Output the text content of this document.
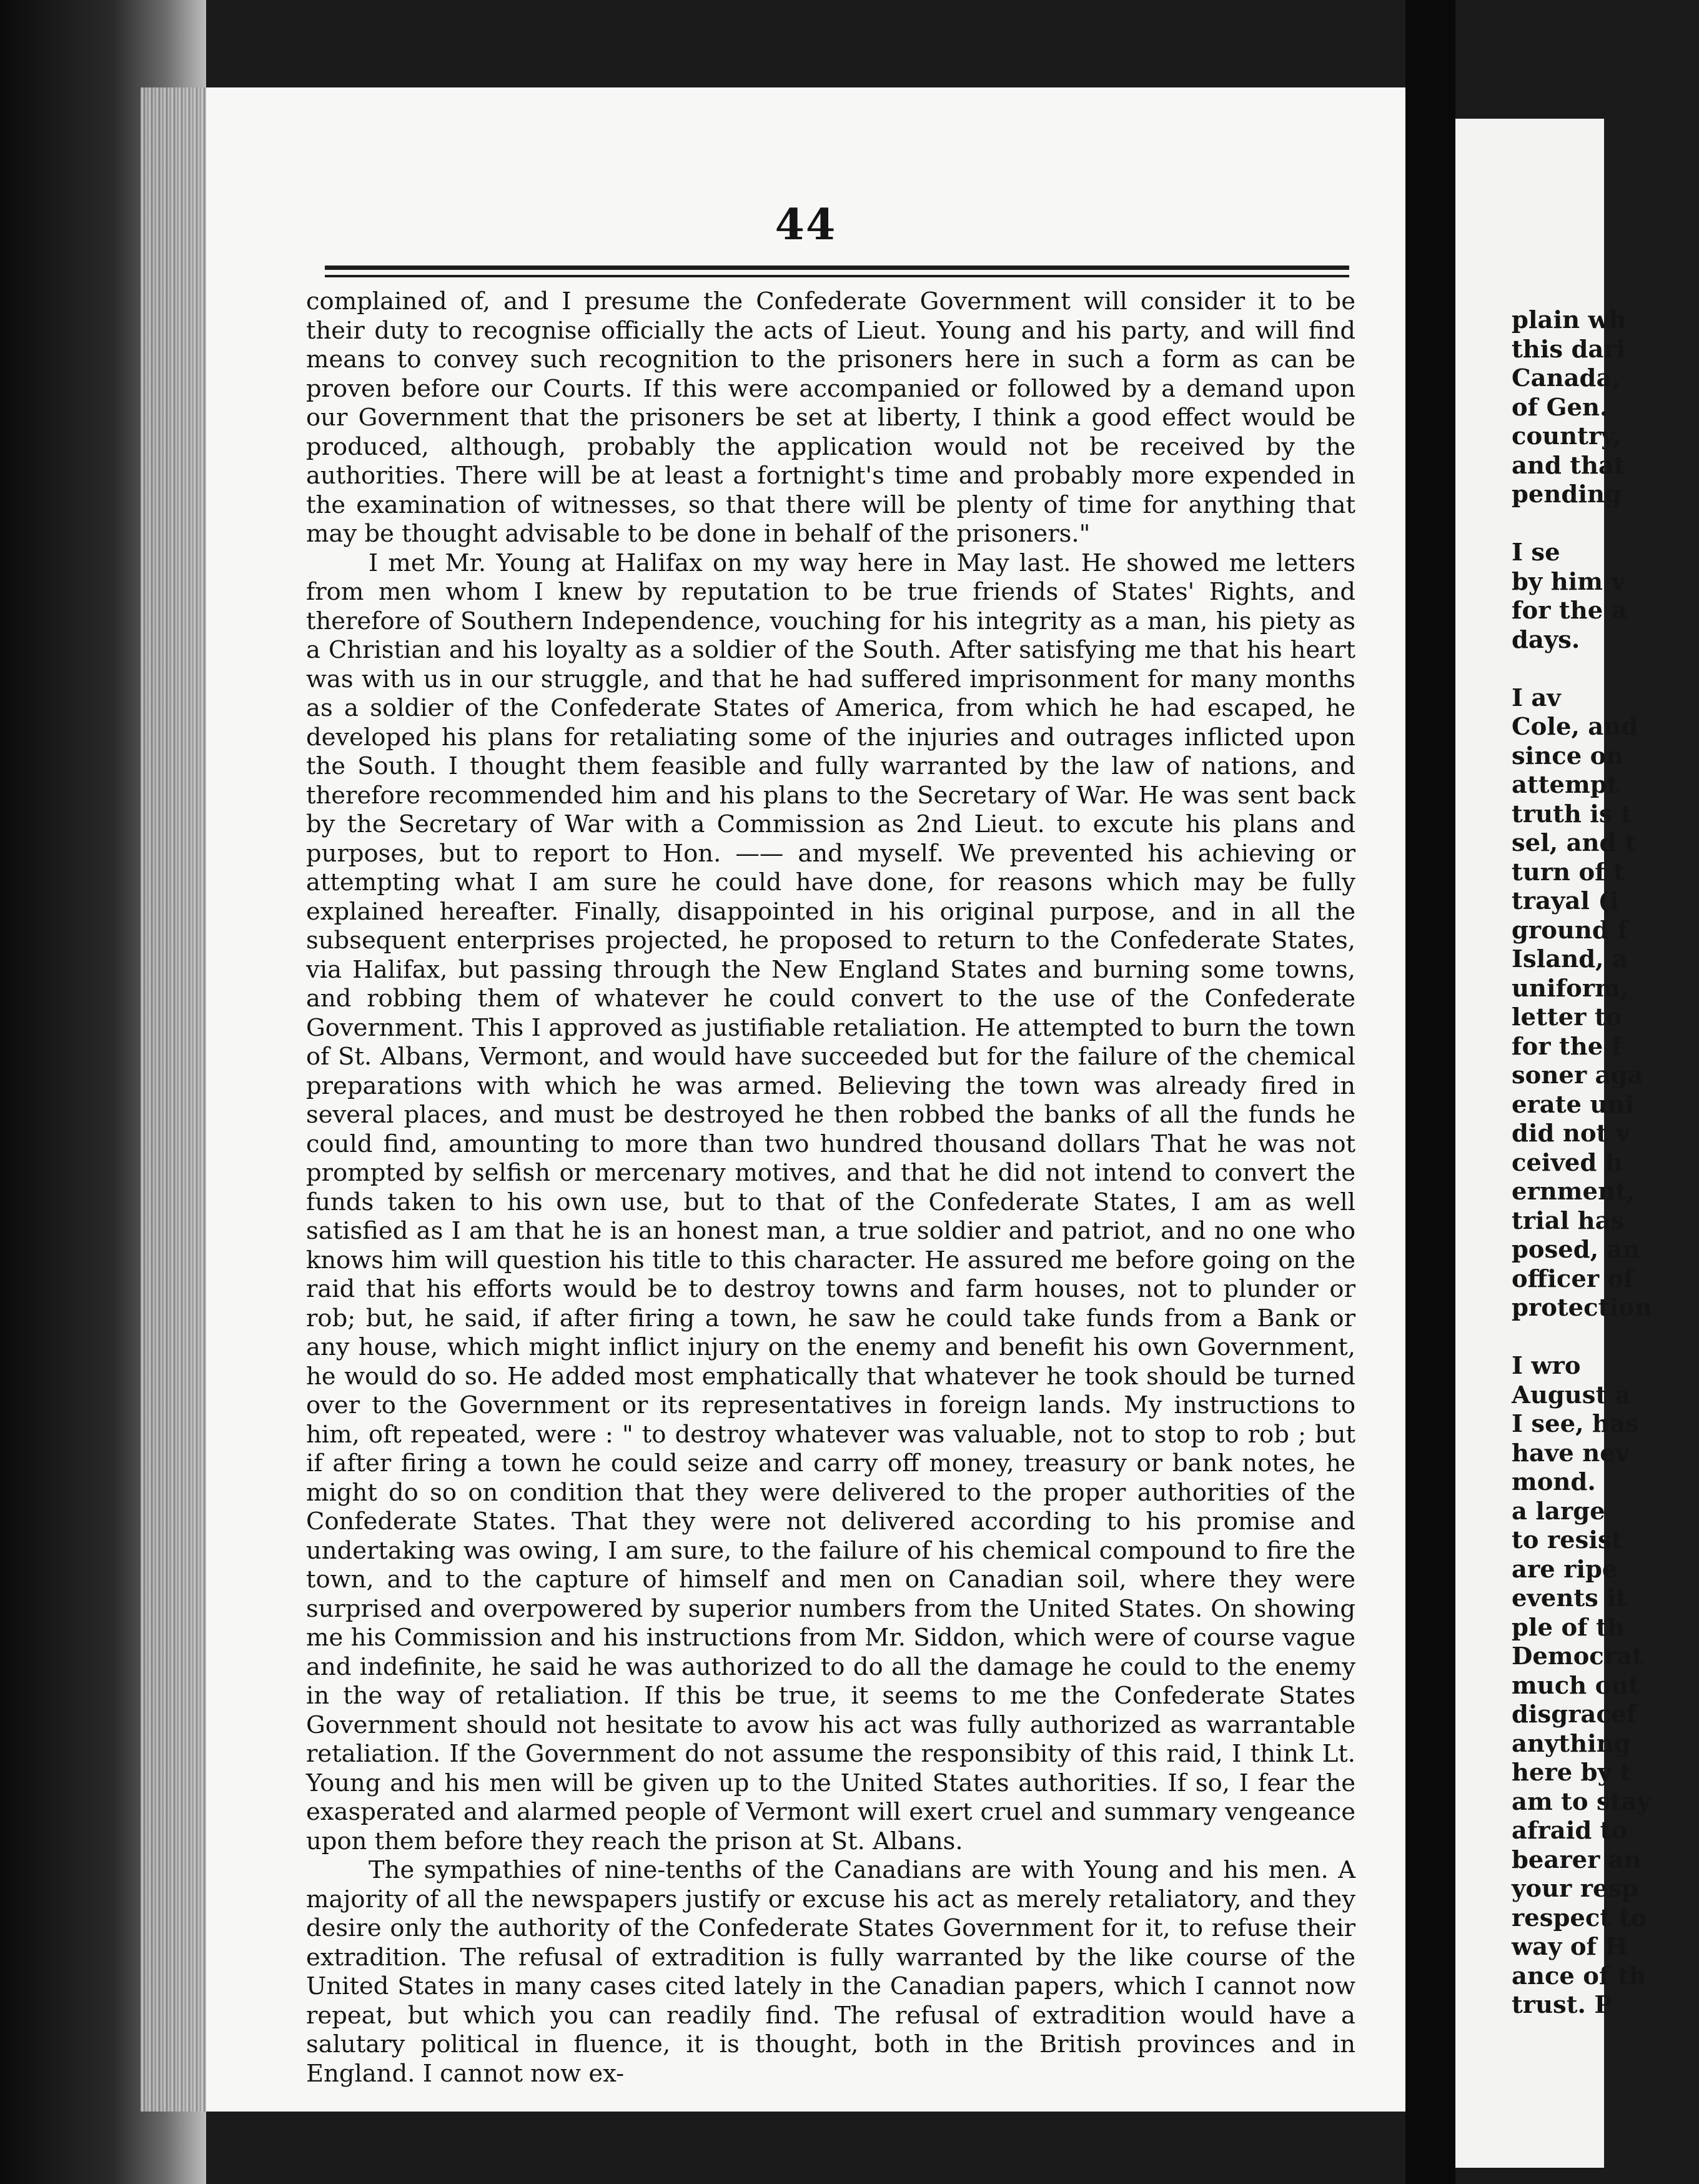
44

complained of, and I presume the Confederate Government will consider it to be their duty to recognise officially the acts of Lieut. Young and his party, and will find means to convey such recognition to the prisoners here in such a form as can be proven before our Courts. If this were accompanied or followed by a demand upon our Government that the prisoners be set at liberty, I think a good effect would be produced, although, probably the application would not be received by the authorities. There will be at least a fortnight's time and probably more expended in the examination of witnesses, so that there will be plenty of time for anything that may be thought advisable to be done in behalf of the prisoners."

I met Mr. Young at Halifax on my way here in May last. He showed me letters from men whom I knew by reputation to be true friends of States' Rights, and therefore of Southern Independence, vouching for his integrity as a man, his piety as a Christian and his loyalty as a soldier of the South. After satisfying me that his heart was with us in our struggle, and that he had suffered imprisonment for many months as a soldier of the Confederate States of America, from which he had escaped, he developed his plans for retaliating some of the injuries and outrages inflicted upon the South. I thought them feasible and fully warranted by the law of nations, and therefore recommended him and his plans to the Secretary of War. He was sent back by the Secretary of War with a Commission as 2nd Lieut. to excute his plans and purposes, but to report to Hon. —— and myself. We prevented his achieving or attempting what I am sure he could have done, for reasons which may be fully explained hereafter. Finally, disappointed in his original purpose, and in all the subsequent enterprises projected, he proposed to return to the Confederate States, via Halifax, but passing through the New England States and burning some towns, and robbing them of whatever he could convert to the use of the Confederate Government. This I approved as justifiable retaliation. He attempted to burn the town of St. Albans, Vermont, and would have succeeded but for the failure of the chemical preparations with which he was armed. Believing the town was already fired in several places, and must be destroyed he then robbed the banks of all the funds he could find, amounting to more than two hundred thousand dollars That he was not prompted by selfish or mercenary motives, and that he did not intend to convert the funds taken to his own use, but to that of the Confederate States, I am as well satisfied as I am that he is an honest man, a true soldier and patriot, and no one who knows him will question his title to this character. He assured me before going on the raid that his efforts would be to destroy towns and farm houses, not to plunder or rob; but, he said, if after firing a town, he saw he could take funds from a Bank or any house, which might inflict injury on the enemy and benefit his own Government, he would do so. He added most emphatically that whatever he took should be turned over to the Government or its representatives in foreign lands. My instructions to him, oft repeated, were : " to destroy whatever was valuable, not to stop to rob ; but if after firing a town he could seize and carry off money, treasury or bank notes, he might do so on condition that they were delivered to the proper authorities of the Confederate States. That they were not delivered according to his promise and undertaking was owing, I am sure, to the failure of his chemical compound to fire the town, and to the capture of himself and men on Canadian soil, where they were surprised and overpowered by superior numbers from the United States. On showing me his Commission and his instructions from Mr. Siddon, which were of course vague and indefinite, he said he was authorized to do all the damage he could to the enemy in the way of retaliation. If this be true, it seems to me the Confederate States Government should not hesitate to avow his act was fully authorized as warrantable retaliation. If the Government do not assume the responsibity of this raid, I think Lt. Young and his men will be given up to the United States authorities. If so, I fear the exasperated and alarmed people of Vermont will exert cruel and summary vengeance upon them before they reach the prison at St. Albans.

The sympathies of nine-tenths of the Canadians are with Young and his men. A majority of all the newspapers justify or excuse his act as merely retaliatory, and they desire only the authority of the Confederate States Government for it, to refuse their extradition. The refusal of extradition is fully warranted by the like course of the United States in many cases cited lately in the Canadian papers, which I cannot now repeat, but which you can readily find. The refusal of extradition would have a salutary political in fluence, it is thought, both in the British provinces and in England. I cannot now ex-

plain wh
this dari
Canada,
of Gen.
country,
and that
pending
I se
by him v
for the a
days.
I av
Cole, and
since on
attempt
truth is t
sel, and t
turn of t
trayal (i
ground f
Island, a
uniform,
letter to
for the f
soner aga
erate uni
did not v
ceived h
ernment,
trial has
posed, an
officer of
protection
I wro
August a
I see, has
have nev
mond.
a large
to resist
are ripe
events it
ple of th
Democrat
much out
disgracef
anything
here by t
am to stay
afraid to
bearer an
your resp
respect to
way of H
ance of th
trust. P
